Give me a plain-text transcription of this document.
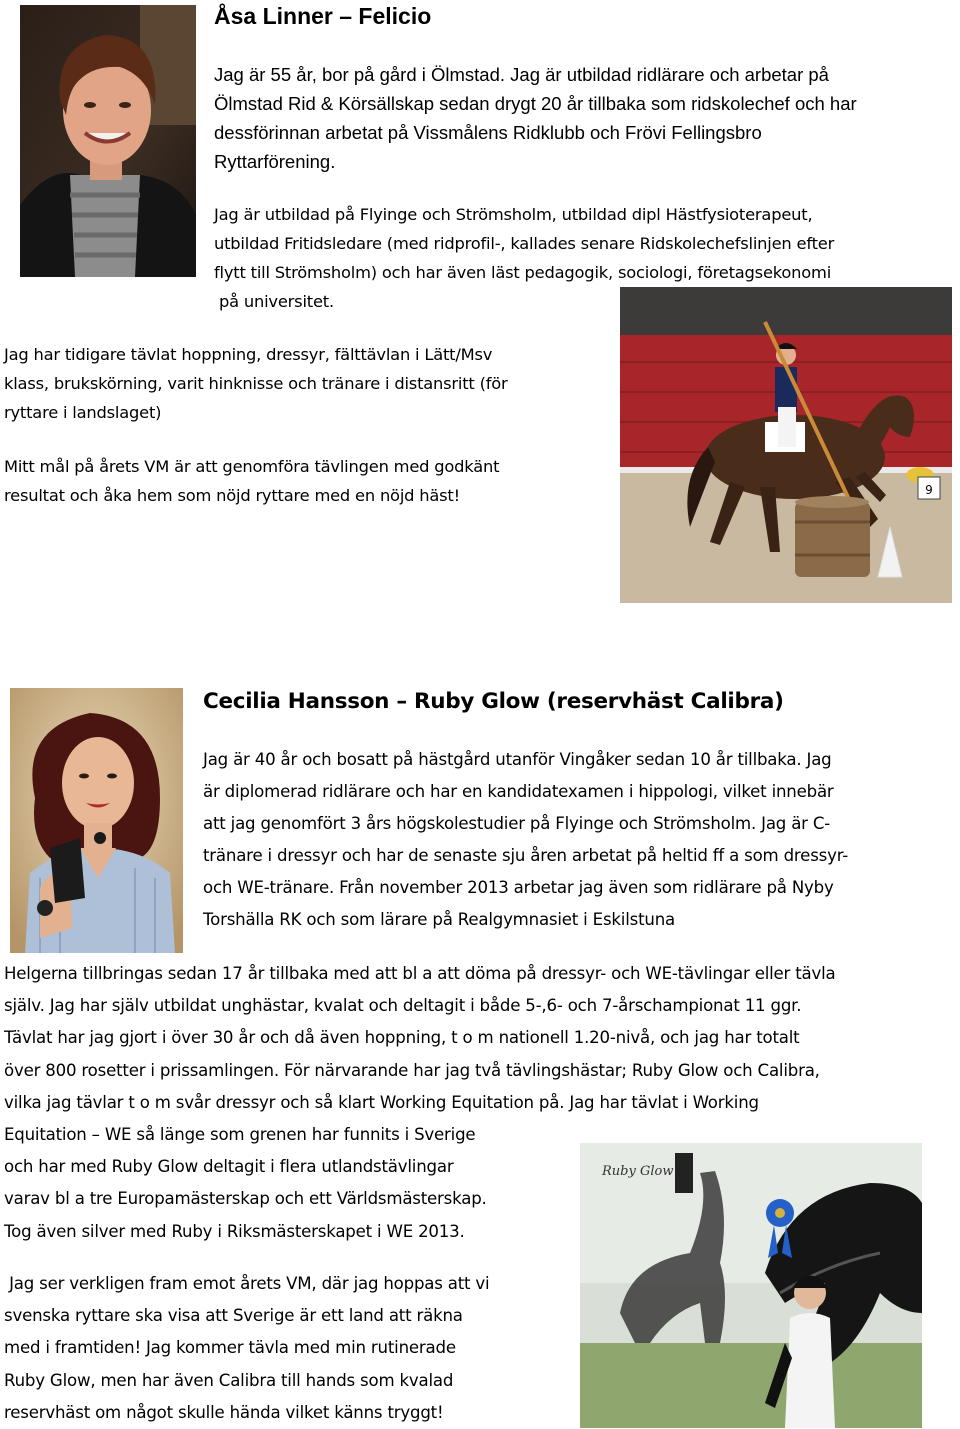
Åsa Linner – Felicio
Jag är 55 år, bor på gård i Ölmstad. Jag är utbildad ridlärare och arbetar på
Ölmstad Rid & Körsällskap sedan drygt 20 år tillbaka som ridskolechef och har
dessförinnan arbetat på Vissmålens Ridklubb och Frövi Fellingsbro
Ryttarförening.
Jag är utbildad på Flyinge och Strömsholm, utbildad dipl Hästfysioterapeut,
utbildad Fritidsledare (med ridprofil-, kallades senare Ridskolechefslinjen efter
flytt till Strömsholm) och har även läst pedagogik, sociologi, företagsekonomi
på universitet.
9
Jag har tidigare tävlat hoppning, dressyr, fälttävlan i Lätt/Msv
klass, brukskörning, varit hinknisse och tränare i distansritt (för
ryttare i landslaget)
Mitt mål på årets VM är att genomföra tävlingen med godkänt
resultat och åka hem som nöjd ryttare med en nöjd häst!
Cecilia Hansson – Ruby Glow (reservhäst Calibra)
Jag är 40 år och bosatt på hästgård utanför Vingåker sedan 10 år tillbaka. Jag
är diplomerad ridlärare och har en kandidatexamen i hippologi, vilket innebär
att jag genomfört 3 års högskolestudier på Flyinge och Strömsholm. Jag är C-
tränare i dressyr och har de senaste sju åren arbetat på heltid ff a som dressyr-
och WE-tränare. Från november 2013 arbetar jag även som ridlärare på Nyby
Torshälla RK och som lärare på Realgymnasiet i Eskilstuna
Helgerna tillbringas sedan 17 år tillbaka med att bl a att döma på dressyr- och WE-tävlingar eller tävla
själv. Jag har själv utbildat unghästar, kvalat och deltagit i både 5-,6- och 7-årschampionat 11 ggr.
Tävlat har jag gjort i över 30 år och då även hoppning, t o m nationell 1.20-nivå, och jag har totalt
över 800 rosetter i prissamlingen. För närvarande har jag två tävlingshästar; Ruby Glow och Calibra,
vilka jag tävlar t o m svår dressyr och så klart Working Equitation på. Jag har tävlat i Working
Equitation – WE så länge som grenen har funnits i Sverige
och har med Ruby Glow deltagit i flera utlandstävlingar
varav bl a tre Europamästerskap och ett Världsmästerskap.
Tog även silver med Ruby i Riksmästerskapet i WE 2013.
Ruby Glow
Jag ser verkligen fram emot årets VM, där jag hoppas att vi
svenska ryttare ska visa att Sverige är ett land att räkna
med i framtiden! Jag kommer tävla med min rutinerade
Ruby Glow, men har även Calibra till hands som kvalad
reservhäst om något skulle hända vilket känns tryggt!
